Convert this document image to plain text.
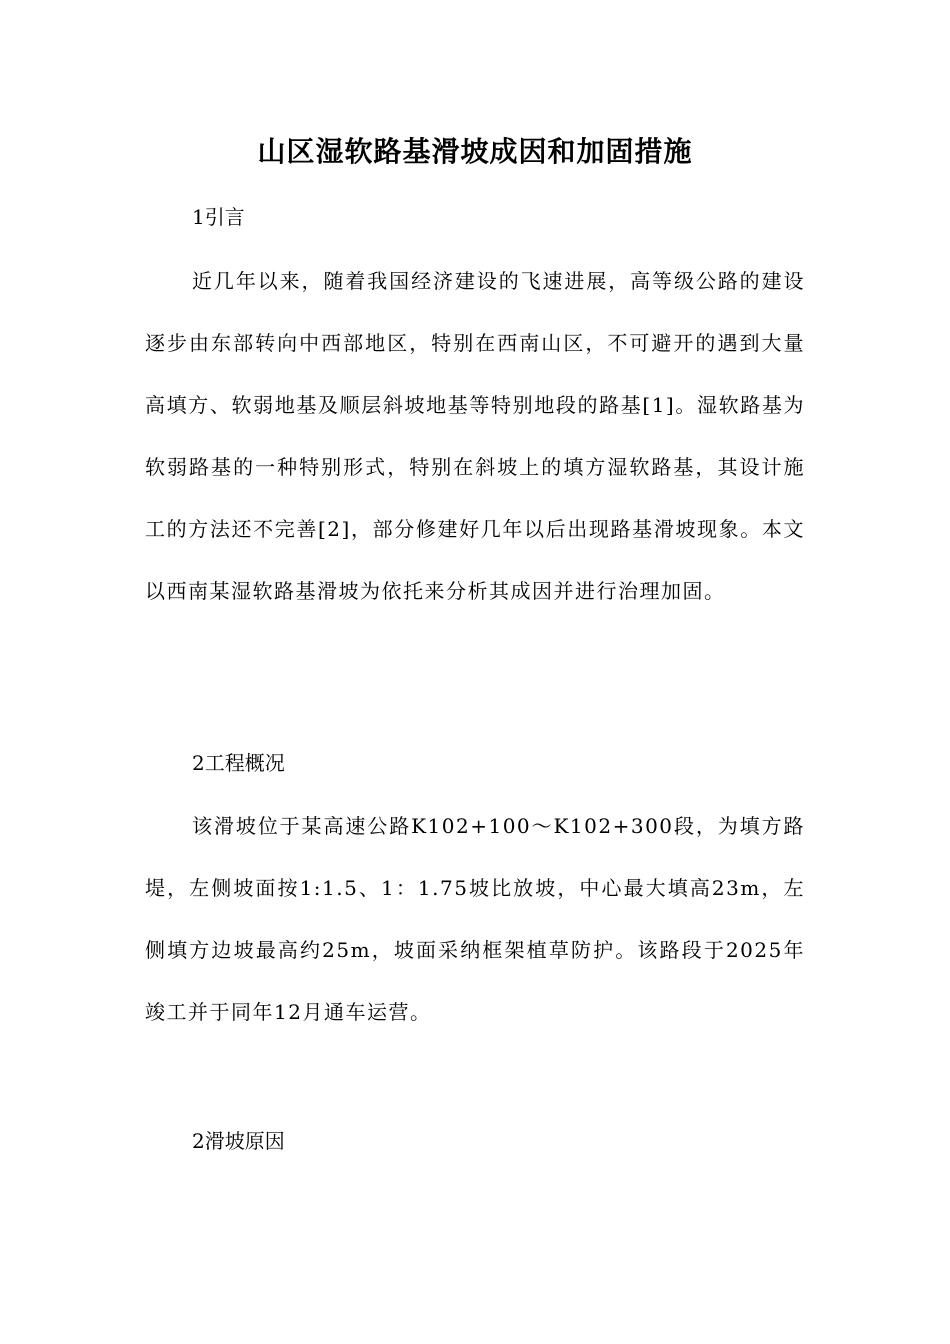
山区湿软路基滑坡成因和加固措施

1引言

近几年以来，随着我国经济建设的飞速进展，高等级公路的建设逐步由东部转向中西部地区，特别在西南山区，不可避开的遇到大量高填方、软弱地基及顺层斜坡地基等特别地段的路基[1]。湿软路基为软弱路基的一种特别形式，特别在斜坡上的填方湿软路基，其设计施工的方法还不完善[2]，部分修建好几年以后出现路基滑坡现象。本文以西南某湿软路基滑坡为依托来分析其成因并进行治理加固。

2工程概况

该滑坡位于某高速公路K102+100～K102+300段，为填方路堤，左侧坡面按1:1.5、1：1.75坡比放坡，中心最大填高23m，左侧填方边坡最高约25m，坡面采纳框架植草防护。该路段于2025年竣工并于同年12月通车运营。

2滑坡原因
